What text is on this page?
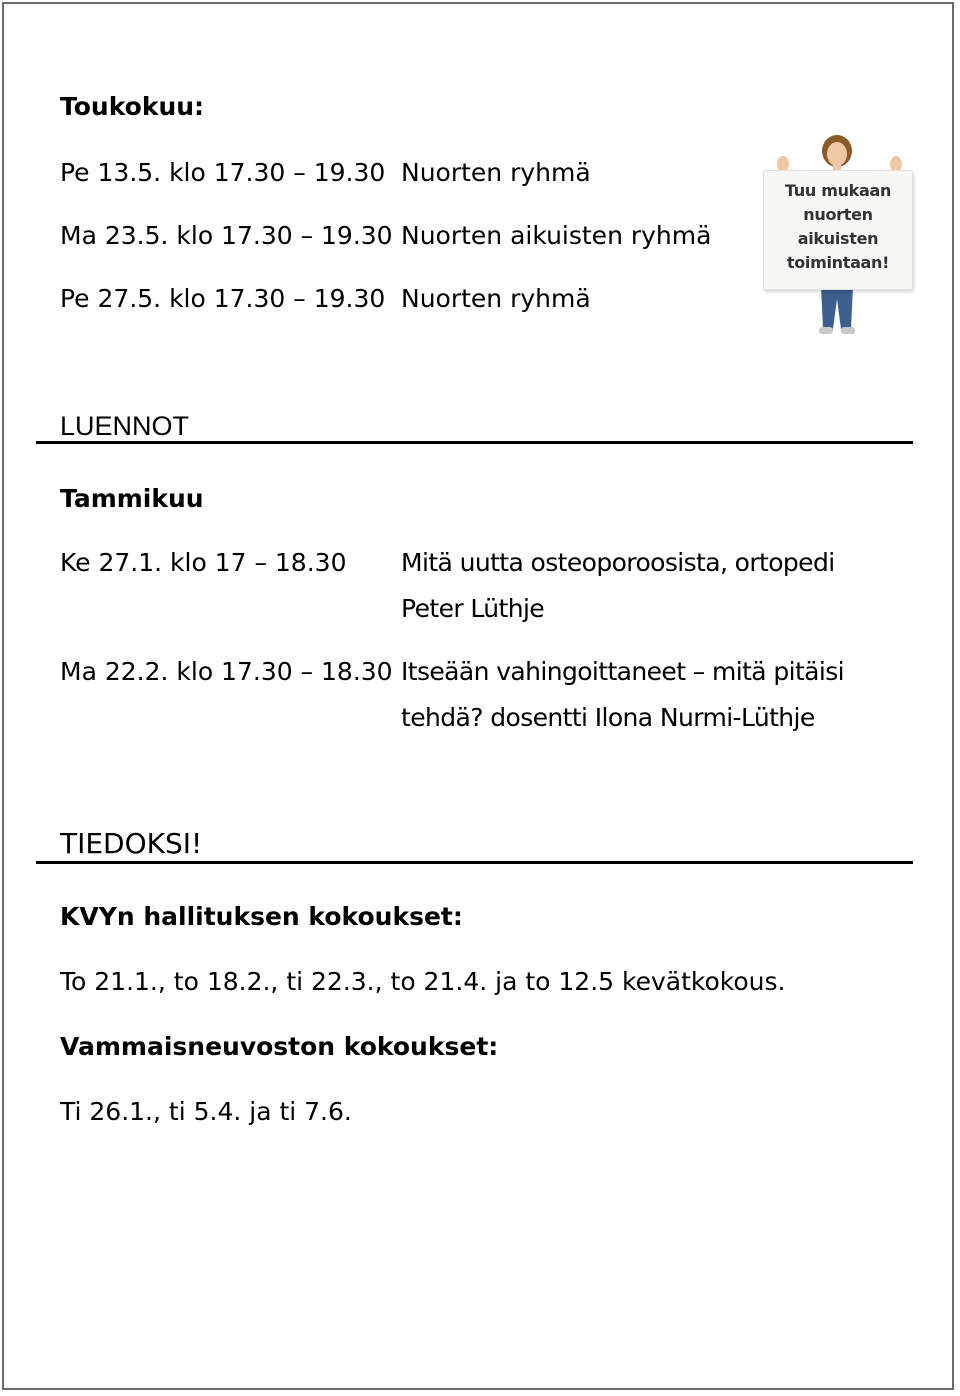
Toukokuu:
Pe 13.5. klo 17.30 – 19.30 Nuorten ryhmä
Ma 23.5. klo 17.30 – 19.30 Nuorten aikuisten ryhmä
Pe 27.5. klo 17.30 – 19.30 Nuorten ryhmä
Tuu mukaan
nuorten
aikuisten
toimintaan!
LUENNOT
Tammikuu
Ke 27.1. klo 17 – 18.30 Mitä uutta osteoporoosista, ortopedi
Peter Lüthje
Ma 22.2. klo 17.30 – 18.30 Itseään vahingoittaneet – mitä pitäisi
tehdä? dosentti Ilona Nurmi-Lüthje
TIEDOKSI!
KVYn hallituksen kokoukset:
To 21.1., to 18.2., ti 22.3., to 21.4. ja to 12.5 kevätkokous.
Vammaisneuvoston kokoukset:
Ti 26.1., ti 5.4. ja ti 7.6.
